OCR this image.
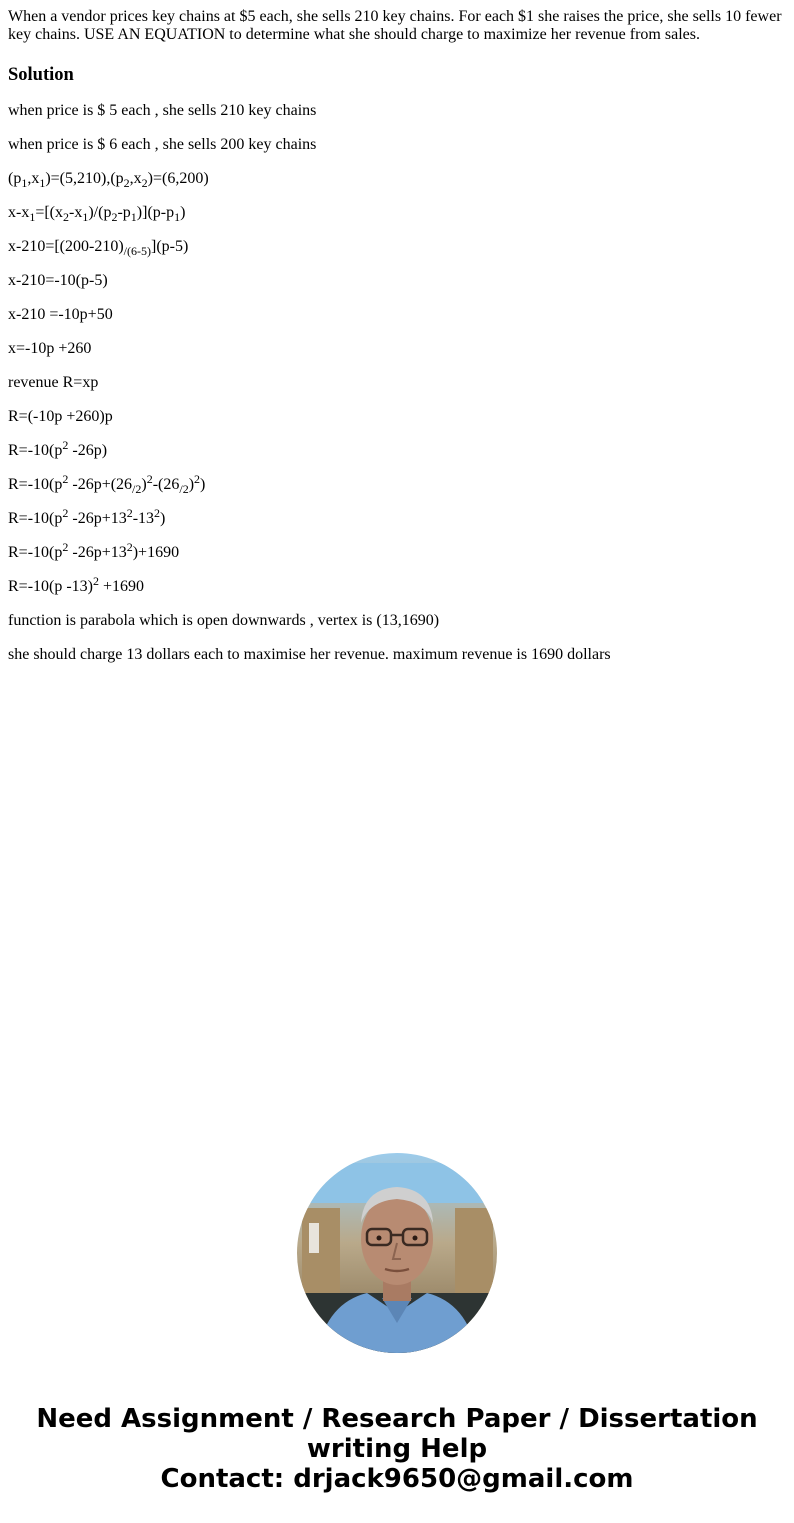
When a vendor prices key chains at $5 each, she sells 210 key chains. For each $1 she raises the price, she sells 10 fewer key chains. USE AN EQUATION to determine what she should charge to maximize her revenue from sales.

Solution

when price is $ 5 each , she sells 210 key chains

when price is $ 6 each , she sells 200 key chains

$(p_1,x_1)=(5,210),(p_2,x_2)=(6,200)$

$x-x_1=[(x_2-x_1)/(p_2-p_1)](p-p_1)$

$x-210=[(200-210)_{/(6-5)}](p-5)$

x-210=-10(p-5)

x-210 =-10p+50

x=-10p +260

revenue R=xp

R=(-10p +260)p

$R=-10(p^2$ -26p)

$R=-10(p^2$ $-26p+(26_{/2})^2-(26_{/2})^2$)

$R=-10(p^2$ $-26p+13^2-13^2$)

$R=-10(p^2$ $-26p+13^2)+1690$

R=-10(p -13)$^2$ +1690

function is parabola which is open downwards , vertex is (13,1690)

she should charge 13 dollars each to maximise her revenue. maximum revenue is 1690 dollars

Need Assignment / Research Paper / Dissertation
writing Help
Contact: drjack9650@gmail.com
